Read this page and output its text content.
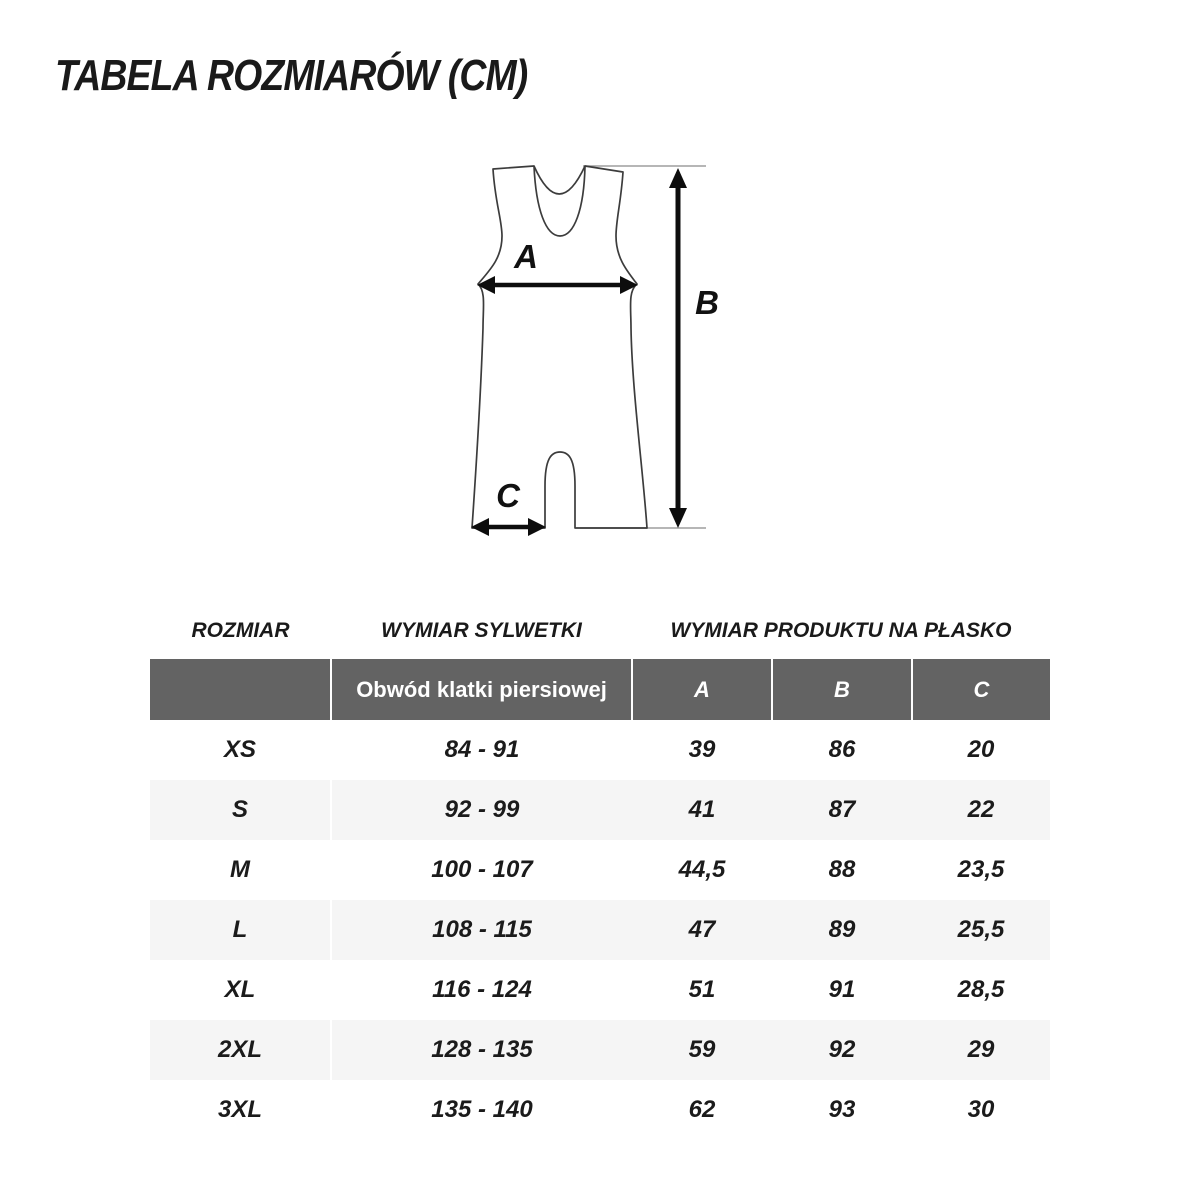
TABELA ROZMIARÓW (CM)
A
B
C
ROZMIAR	WYMIAR SYLWETKI	WYMIAR PRODUKTU NA PŁASKO
	Obwód klatki piersiowej	A	B	C
XS	84 - 91	39	86	20
S	92 - 99	41	87	22
M	100 - 107	44,5	88	23,5
L	108 - 115	47	89	25,5
XL	116 - 124	51	91	28,5
2XL	128 - 135	59	92	29
3XL	135 - 140	62	93	30
